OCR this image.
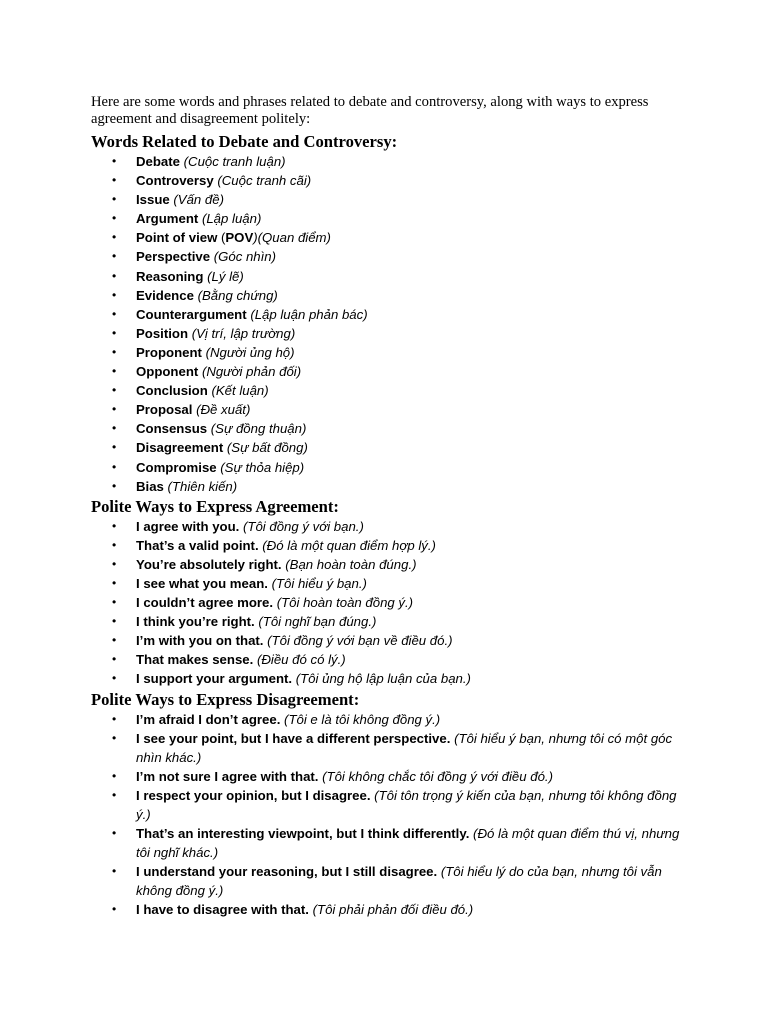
Here are some words and phrases related to debate and controversy, along with ways to express agreement and disagreement politely:

Words Related to Debate and Controversy:
• Debate (Cuộc tranh luận)
• Controversy (Cuộc tranh cãi)
• Issue (Vấn đề)
• Argument (Lập luận)
• Point of view (POV)(Quan điểm)
• Perspective (Góc nhìn)
• Reasoning (Lý lẽ)
• Evidence (Bằng chứng)
• Counterargument (Lập luận phản bác)
• Position (Vị trí, lập trường)
• Proponent (Người ủng hộ)
• Opponent (Người phản đối)
• Conclusion (Kết luận)
• Proposal (Đề xuất)
• Consensus (Sự đồng thuận)
• Disagreement (Sự bất đồng)
• Compromise (Sự thỏa hiệp)
• Bias (Thiên kiến)
Polite Ways to Express Agreement:
• I agree with you. (Tôi đồng ý với bạn.)
• That’s a valid point. (Đó là một quan điểm hợp lý.)
• You’re absolutely right. (Bạn hoàn toàn đúng.)
• I see what you mean. (Tôi hiểu ý bạn.)
• I couldn’t agree more. (Tôi hoàn toàn đồng ý.)
• I think you’re right. (Tôi nghĩ bạn đúng.)
• I’m with you on that. (Tôi đồng ý với bạn về điều đó.)
• That makes sense. (Điều đó có lý.)
• I support your argument. (Tôi ủng hộ lập luận của bạn.)
Polite Ways to Express Disagreement:
• I’m afraid I don’t agree. (Tôi e là tôi không đồng ý.)
• I see your point, but I have a different perspective. (Tôi hiểu ý bạn, nhưng tôi có một góc nhìn khác.)
• I’m not sure I agree with that. (Tôi không chắc tôi đồng ý với điều đó.)
• I respect your opinion, but I disagree. (Tôi tôn trọng ý kiến của bạn, nhưng tôi không đồng ý.)
• That’s an interesting viewpoint, but I think differently. (Đó là một quan điểm thú vị, nhưng tôi nghĩ khác.)
• I understand your reasoning, but I still disagree. (Tôi hiểu lý do của bạn, nhưng tôi vẫn không đồng ý.)
• I have to disagree with that. (Tôi phải phản đối điều đó.)
